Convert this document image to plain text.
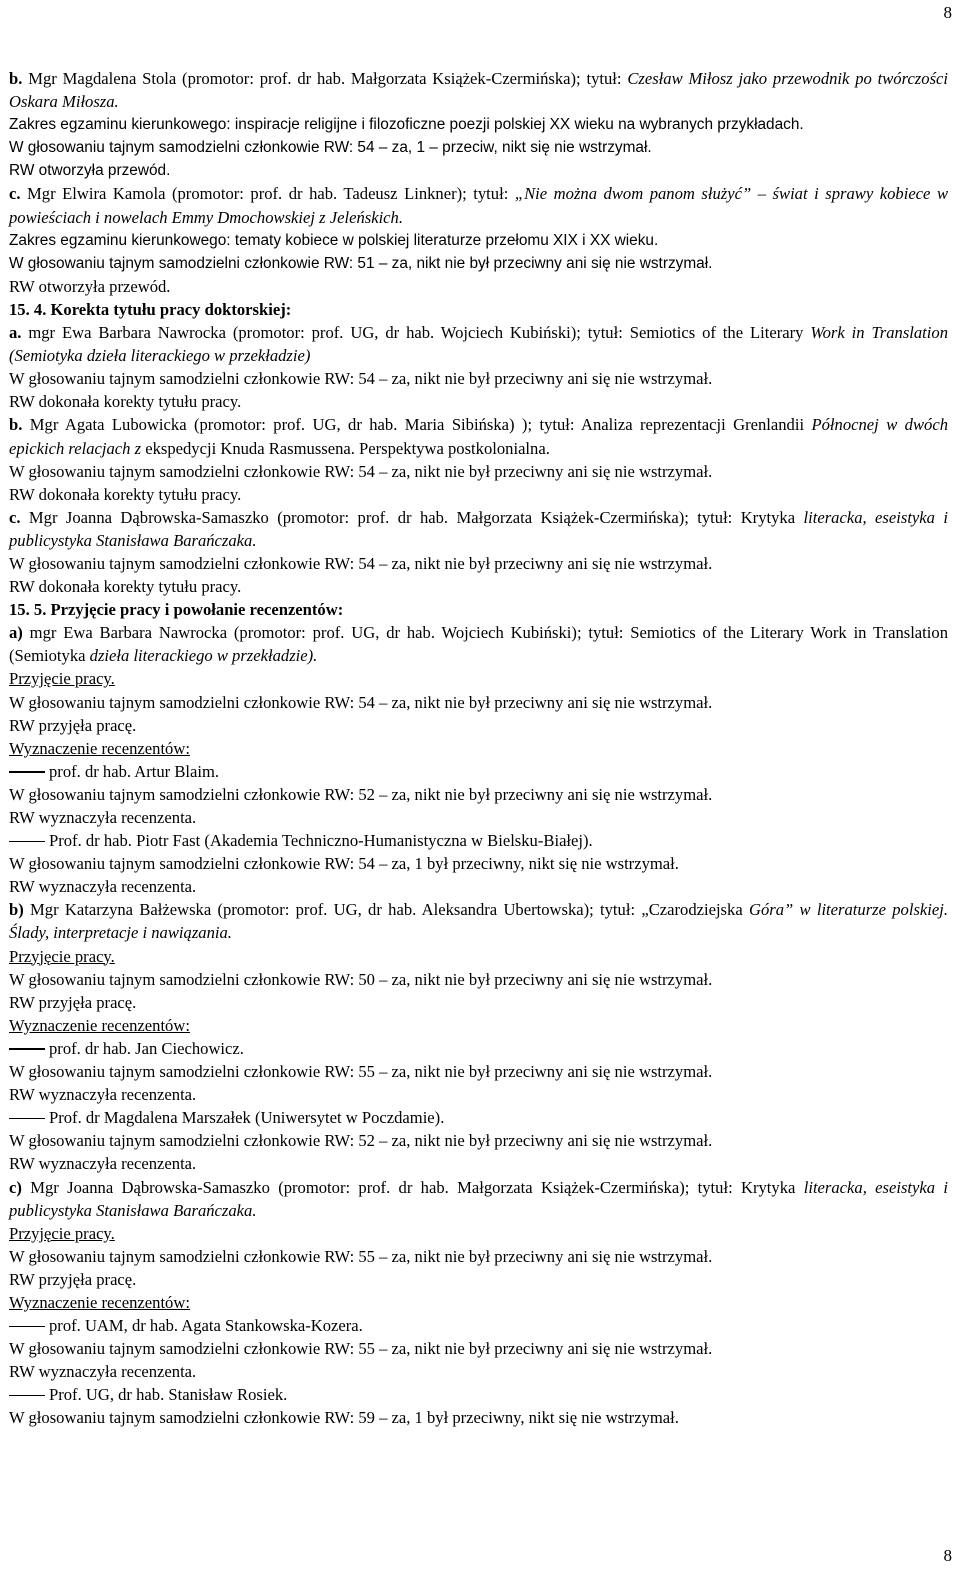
8

b. Mgr Magdalena Stola (promotor: prof. dr hab. Małgorzata Książek-Czermińska); tytuł: Czesław Miłosz jako przewodnik po twórczości Oskara Miłosza.

Zakres egzaminu kierunkowego: inspiracje religijne i filozoficzne poezji polskiej XX wieku na wybranych przykładach.

W głosowaniu tajnym samodzielni członkowie RW: 54 – za, 1 – przeciw, nikt się nie wstrzymał.

RW otworzyła przewód.

c. Mgr Elwira Kamola (promotor: prof. dr hab. Tadeusz Linkner); tytuł: „Nie można dwom panom służyć” – świat i sprawy kobiece w powieściach i nowelach Emmy Dmochowskiej z Jeleńskich.

Zakres egzaminu kierunkowego: tematy kobiece w polskiej literaturze przełomu XIX i XX wieku.

W głosowaniu tajnym samodzielni członkowie RW: 51 – za, nikt nie był przeciwny ani się nie wstrzymał.

RW otworzyła przewód.

15. 4. Korekta tytułu pracy doktorskiej:

a. mgr Ewa Barbara Nawrocka (promotor: prof. UG, dr hab. Wojciech Kubiński); tytuł: Semiotics of the Literary Work in Translation (Semiotyka dzieła literackiego w przekładzie)

W głosowaniu tajnym samodzielni członkowie RW: 54 – za, nikt nie był przeciwny ani się nie wstrzymał.

RW dokonała korekty tytułu pracy.

b. Mgr Agata Lubowicka (promotor: prof. UG, dr hab. Maria Sibińska) ); tytuł: Analiza reprezentacji Grenlandii Północnej w dwóch epickich relacjach z ekspedycji Knuda Rasmussena. Perspektywa postkolonialna.

W głosowaniu tajnym samodzielni członkowie RW: 54 – za, nikt nie był przeciwny ani się nie wstrzymał.

RW dokonała korekty tytułu pracy.

c. Mgr Joanna Dąbrowska-Samaszko (promotor: prof. dr hab. Małgorzata Książek-Czermińska); tytuł: Krytyka literacka, eseistyka i publicystyka Stanisława Barańczaka.

W głosowaniu tajnym samodzielni członkowie RW: 54 – za, nikt nie był przeciwny ani się nie wstrzymał.

RW dokonała korekty tytułu pracy.

15. 5. Przyjęcie pracy i powołanie recenzentów:

a) mgr Ewa Barbara Nawrocka (promotor: prof. UG, dr hab. Wojciech Kubiński); tytuł: Semiotics of the Literary Work in Translation (Semiotyka dzieła literackiego w przekładzie).

Przyjęcie pracy.

W głosowaniu tajnym samodzielni członkowie RW: 54 – za, nikt nie był przeciwny ani się nie wstrzymał.

RW przyjęła pracę.

Wyznaczenie recenzentów:

prof. dr hab. Artur Blaim.

W głosowaniu tajnym samodzielni członkowie RW: 52 – za, nikt nie był przeciwny ani się nie wstrzymał.

RW wyznaczyła recenzenta.

Prof. dr hab. Piotr Fast (Akademia Techniczno-Humanistyczna w Bielsku-Białej).

W głosowaniu tajnym samodzielni członkowie RW: 54 – za, 1 był przeciwny, nikt się nie wstrzymał.

RW wyznaczyła recenzenta.

b) Mgr Katarzyna Bałżewska (promotor: prof. UG, dr hab. Aleksandra Ubertowska); tytuł: „Czarodziejska Góra” w literaturze polskiej. Ślady, interpretacje i nawiązania.

Przyjęcie pracy.

W głosowaniu tajnym samodzielni członkowie RW: 50 – za, nikt nie był przeciwny ani się nie wstrzymał.

RW przyjęła pracę.

Wyznaczenie recenzentów:

prof. dr hab. Jan Ciechowicz.

W głosowaniu tajnym samodzielni członkowie RW: 55 – za, nikt nie był przeciwny ani się nie wstrzymał.

RW wyznaczyła recenzenta.

Prof. dr Magdalena Marszałek (Uniwersytet w Poczdamie).

W głosowaniu tajnym samodzielni członkowie RW: 52 – za, nikt nie był przeciwny ani się nie wstrzymał.

RW wyznaczyła recenzenta.

c) Mgr Joanna Dąbrowska-Samaszko (promotor: prof. dr hab. Małgorzata Książek-Czermińska); tytuł: Krytyka literacka, eseistyka i publicystyka Stanisława Barańczaka.

Przyjęcie pracy.

W głosowaniu tajnym samodzielni członkowie RW: 55 – za, nikt nie był przeciwny ani się nie wstrzymał.

RW przyjęła pracę.

Wyznaczenie recenzentów:

prof. UAM, dr hab. Agata Stankowska-Kozera.

W głosowaniu tajnym samodzielni członkowie RW: 55 – za, nikt nie był przeciwny ani się nie wstrzymał.

RW wyznaczyła recenzenta.

Prof. UG, dr hab. Stanisław Rosiek.

W głosowaniu tajnym samodzielni członkowie RW: 59 – za, 1 był przeciwny, nikt się nie wstrzymał.

8
